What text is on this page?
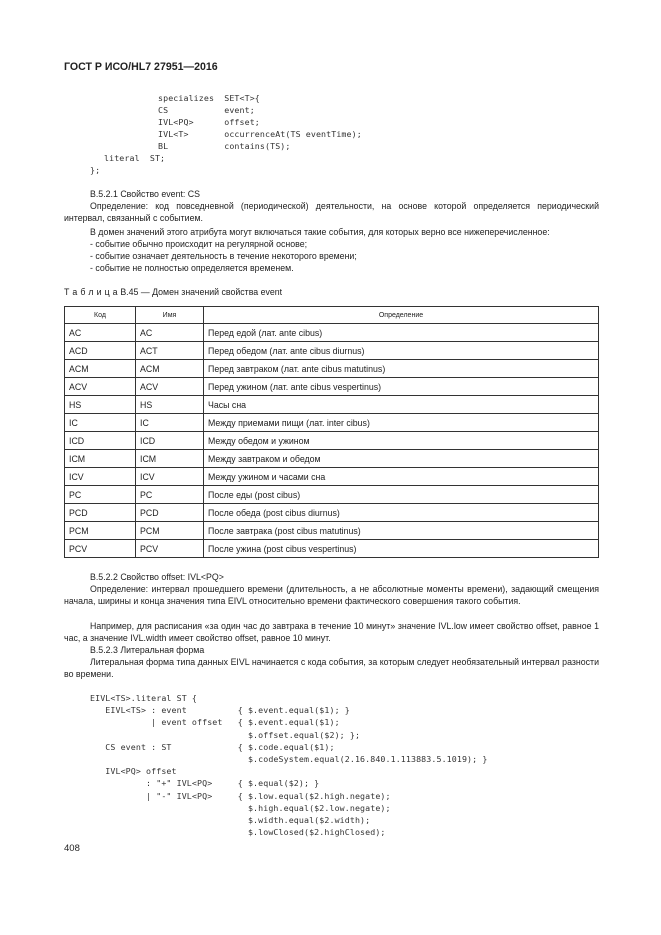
ГОСТ Р ИСО/HL7 27951—2016
specializes  SET<T>{
CS           event;
IVL<PQ>      offset;
IVL<T>       occurrenceAt(TS eventTime);
BL           contains(TS);
literal  ST;
};
В.5.2.1 Свойство event: CS
Определение: код повседневной (периодической) деятельности, на основе которой определяется периодический интервал, связанный с событием.
В домен значений этого атрибута могут включаться такие события, для которых верно все нижеперечисленное:
- событие обычно происходит на регулярной основе;
- событие означает деятельность в течение некоторого времени;
- событие не полностью определяется временем.
Т а б л и ц а В.45 — Домен значений свойства event
Код	Имя	Определение
AC	AC	Перед едой (лат. ante cibus)
ACD	ACT	Перед обедом (лат. ante cibus diurnus)
ACM	ACM	Перед завтраком (лат. ante cibus matutinus)
ACV	ACV	Перед ужином (лат. ante cibus vespertinus)
HS	HS	Часы сна
IC	IC	Между приемами пищи (лат. inter cibus)
ICD	ICD	Между обедом и ужином
ICM	ICM	Между завтраком и обедом
ICV	ICV	Между ужином и часами сна
PC	PC	После еды (post cibus)
PCD	PCD	После обеда (post cibus diurnus)
PCM	PCM	После завтрака (post cibus matutinus)
PCV	PCV	После ужина (post cibus vespertinus)
В.5.2.2 Свойство offset: IVL<PQ>
Определение: интервал прошедшего времени (длительность, а не абсолютные моменты времени), задающий смещения начала, ширины и конца значения типа EIVL относительно времени фактического совершения такого события.
Например, для расписания «за один час до завтрака в течение 10 минут» значение IVL.low имеет свойство offset, равное 1 час, а значение IVL.width имеет свойство offset, равное 10 минут.
В.5.2.3 Литеральная форма
Литеральная форма типа данных EIVL начинается с кода события, за которым следует необязательный интервал разности во времени.
EIVL<TS>.literal ST {
EIVL<TS> : event          { $.event.equal($1); }
| event offset   { $.event.equal($1);
$.offset.equal($2); };
CS event : ST             { $.code.equal($1);
$.codeSystem.equal(2.16.840.1.113883.5.1019); }
IVL<PQ> offset
: "+" IVL<PQ>     { $.equal($2); }
| "-" IVL<PQ>     { $.low.equal($2.high.negate);
$.high.equal($2.low.negate);
$.width.equal($2.width);
$.lowClosed($2.highClosed);
408
